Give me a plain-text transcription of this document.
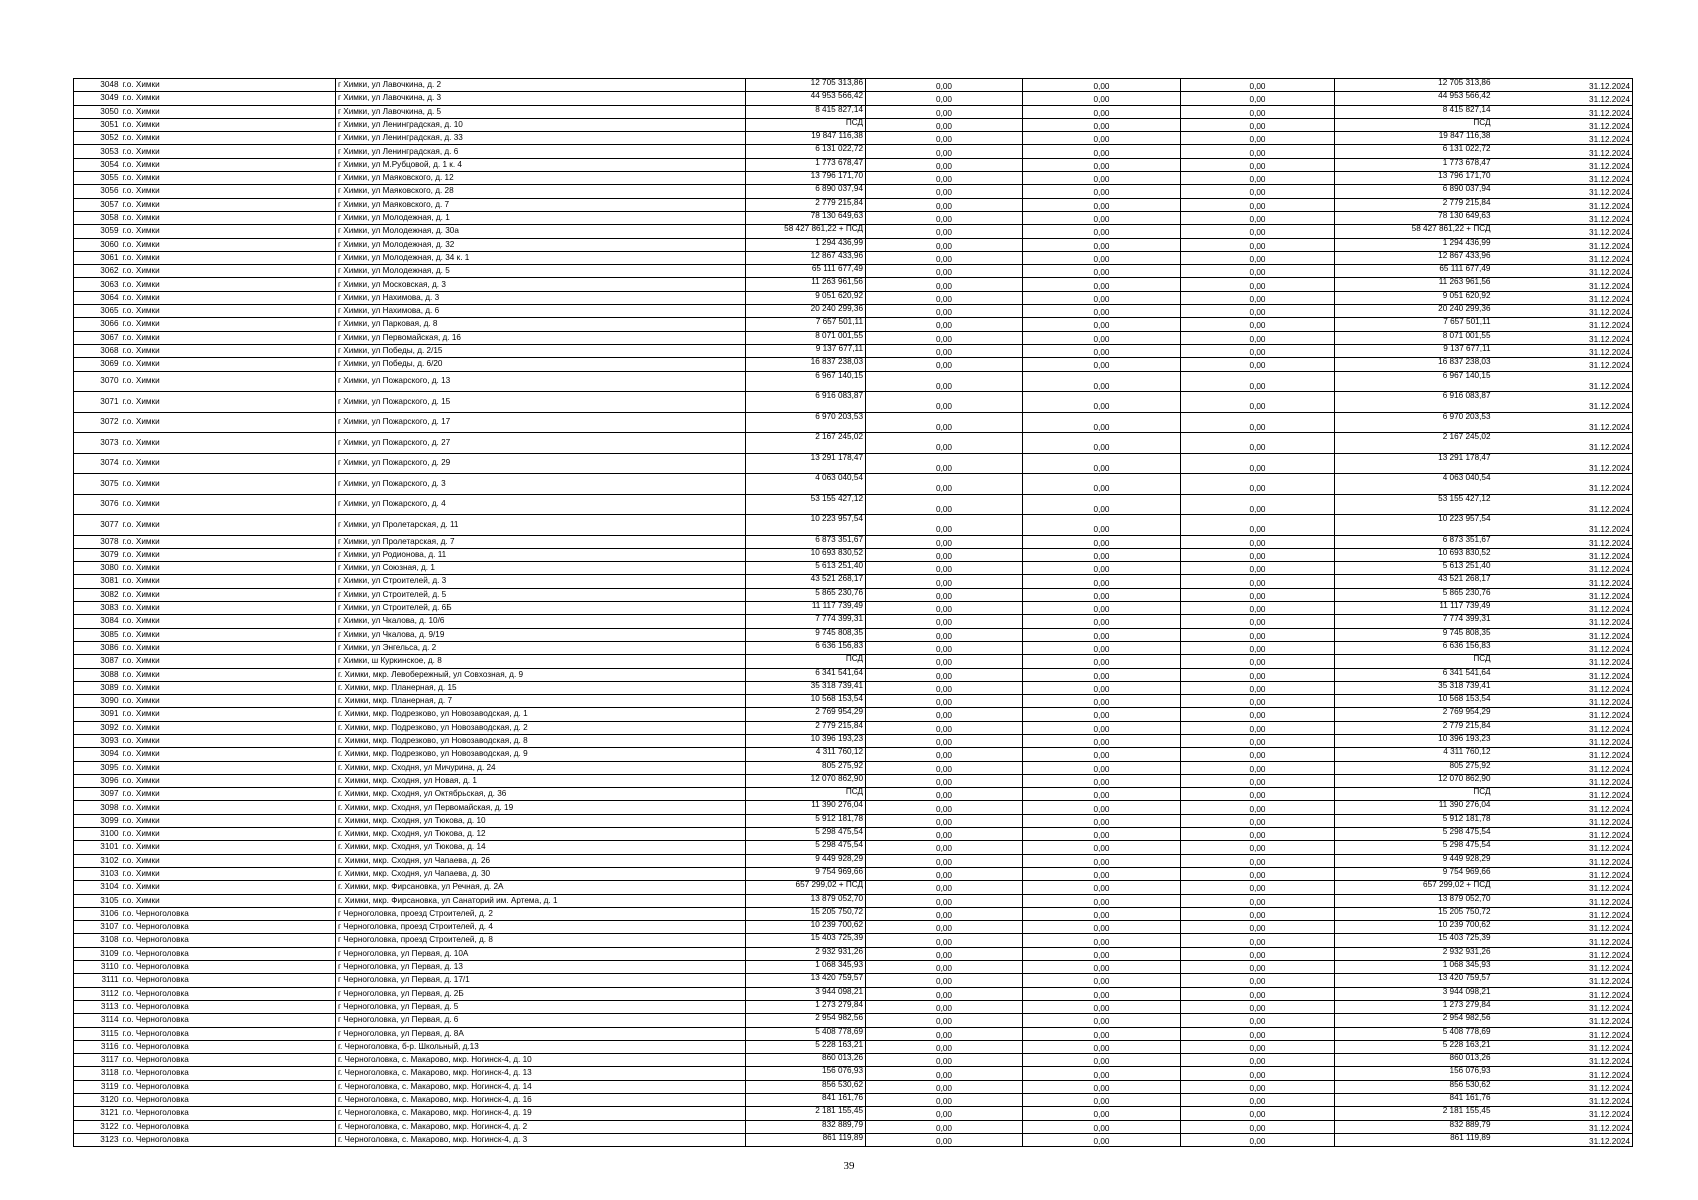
3048	г.о. Химки	г Химки, ул Лавочкина, д. 2	12 705 313,86	0,00	0,00	0,00	12 705 313,86	31.12.2024
3049	г.о. Химки	г Химки, ул Лавочкина, д. 3	44 953 566,42	0,00	0,00	0,00	44 953 566,42	31.12.2024
3050	г.о. Химки	г Химки, ул Лавочкина, д. 5	8 415 827,14	0,00	0,00	0,00	8 415 827,14	31.12.2024
3051	г.о. Химки	г Химки, ул Ленинградская, д. 10	ПСД	0,00	0,00	0,00	ПСД	31.12.2024
3052	г.о. Химки	г Химки, ул Ленинградская, д. 33	19 847 116,38	0,00	0,00	0,00	19 847 116,38	31.12.2024
3053	г.о. Химки	г Химки, ул Ленинградская, д. 6	6 131 022,72	0,00	0,00	0,00	6 131 022,72	31.12.2024
3054	г.о. Химки	г Химки, ул М.Рубцовой, д. 1 к. 4	1 773 678,47	0,00	0,00	0,00	1 773 678,47	31.12.2024
3055	г.о. Химки	г Химки, ул Маяковского, д. 12	13 796 171,70	0,00	0,00	0,00	13 796 171,70	31.12.2024
3056	г.о. Химки	г Химки, ул Маяковского, д. 28	6 890 037,94	0,00	0,00	0,00	6 890 037,94	31.12.2024
3057	г.о. Химки	г Химки, ул Маяковского, д. 7	2 779 215,84	0,00	0,00	0,00	2 779 215,84	31.12.2024
3058	г.о. Химки	г Химки, ул Молодежная, д. 1	78 130 649,63	0,00	0,00	0,00	78 130 649,63	31.12.2024
3059	г.о. Химки	г Химки, ул Молодежная, д. 30а	58 427 861,22 + ПСД	0,00	0,00	0,00	58 427 861,22 + ПСД	31.12.2024
3060	г.о. Химки	г Химки, ул Молодежная, д. 32	1 294 436,99	0,00	0,00	0,00	1 294 436,99	31.12.2024
3061	г.о. Химки	г Химки, ул Молодежная, д. 34 к. 1	12 867 433,96	0,00	0,00	0,00	12 867 433,96	31.12.2024
3062	г.о. Химки	г Химки, ул Молодежная, д. 5	65 111 677,49	0,00	0,00	0,00	65 111 677,49	31.12.2024
3063	г.о. Химки	г Химки, ул Московская, д. 3	11 263 961,56	0,00	0,00	0,00	11 263 961,56	31.12.2024
3064	г.о. Химки	г Химки, ул Нахимова, д. 3	9 051 620,92	0,00	0,00	0,00	9 051 620,92	31.12.2024
3065	г.о. Химки	г Химки, ул Нахимова, д. 6	20 240 299,36	0,00	0,00	0,00	20 240 299,36	31.12.2024
3066	г.о. Химки	г Химки, ул Парковая, д. 8	7 657 501,11	0,00	0,00	0,00	7 657 501,11	31.12.2024
3067	г.о. Химки	г Химки, ул Первомайская, д. 16	8 071 001,55	0,00	0,00	0,00	8 071 001,55	31.12.2024
3068	г.о. Химки	г Химки, ул Победы, д. 2/15	9 137 677,11	0,00	0,00	0,00	9 137 677,11	31.12.2024
3069	г.о. Химки	г Химки, ул Победы, д. 6/20	16 837 238,03	0,00	0,00	0,00	16 837 238,03	31.12.2024
3070	г.о. Химки	г Химки, ул Пожарского, д. 13	6 967 140,15	0,00	0,00	0,00	6 967 140,15	31.12.2024
3071	г.о. Химки	г Химки, ул Пожарского, д. 15	6 916 083,87	0,00	0,00	0,00	6 916 083,87	31.12.2024
3072	г.о. Химки	г Химки, ул Пожарского, д. 17	6 970 203,53	0,00	0,00	0,00	6 970 203,53	31.12.2024
3073	г.о. Химки	г Химки, ул Пожарского, д. 27	2 167 245,02	0,00	0,00	0,00	2 167 245,02	31.12.2024
3074	г.о. Химки	г Химки, ул Пожарского, д. 29	13 291 178,47	0,00	0,00	0,00	13 291 178,47	31.12.2024
3075	г.о. Химки	г Химки, ул Пожарского, д. 3	4 063 040,54	0,00	0,00	0,00	4 063 040,54	31.12.2024
3076	г.о. Химки	г Химки, ул Пожарского, д. 4	53 155 427,12	0,00	0,00	0,00	53 155 427,12	31.12.2024
3077	г.о. Химки	г Химки, ул Пролетарская, д. 11	10 223 957,54	0,00	0,00	0,00	10 223 957,54	31.12.2024
3078	г.о. Химки	г Химки, ул Пролетарская, д. 7	6 873 351,67	0,00	0,00	0,00	6 873 351,67	31.12.2024
3079	г.о. Химки	г Химки, ул Родионова, д. 11	10 693 830,52	0,00	0,00	0,00	10 693 830,52	31.12.2024
3080	г.о. Химки	г Химки, ул Союзная, д. 1	5 613 251,40	0,00	0,00	0,00	5 613 251,40	31.12.2024
3081	г.о. Химки	г Химки, ул Строителей, д. 3	43 521 268,17	0,00	0,00	0,00	43 521 268,17	31.12.2024
3082	г.о. Химки	г Химки, ул Строителей, д. 5	5 865 230,76	0,00	0,00	0,00	5 865 230,76	31.12.2024
3083	г.о. Химки	г Химки, ул Строителей, д. 6Б	11 117 739,49	0,00	0,00	0,00	11 117 739,49	31.12.2024
3084	г.о. Химки	г Химки, ул Чкалова, д. 10/6	7 774 399,31	0,00	0,00	0,00	7 774 399,31	31.12.2024
3085	г.о. Химки	г Химки, ул Чкалова, д. 9/19	9 745 808,35	0,00	0,00	0,00	9 745 808,35	31.12.2024
3086	г.о. Химки	г Химки, ул Энгельса, д. 2	6 636 156,83	0,00	0,00	0,00	6 636 156,83	31.12.2024
3087	г.о. Химки	г Химки, ш Куркинское, д. 8	ПСД	0,00	0,00	0,00	ПСД	31.12.2024
3088	г.о. Химки	г. Химки, мкр. Левобережный, ул Совхозная, д. 9	6 341 541,64	0,00	0,00	0,00	6 341 541,64	31.12.2024
3089	г.о. Химки	г. Химки, мкр. Планерная, д. 15	35 318 739,41	0,00	0,00	0,00	35 318 739,41	31.12.2024
3090	г.о. Химки	г. Химки, мкр. Планерная, д. 7	10 568 153,54	0,00	0,00	0,00	10 568 153,54	31.12.2024
3091	г.о. Химки	г. Химки, мкр. Подрезково, ул Новозаводская, д. 1	2 769 954,29	0,00	0,00	0,00	2 769 954,29	31.12.2024
3092	г.о. Химки	г. Химки, мкр. Подрезково, ул Новозаводская, д. 2	2 779 215,84	0,00	0,00	0,00	2 779 215,84	31.12.2024
3093	г.о. Химки	г. Химки, мкр. Подрезково, ул Новозаводская, д. 8	10 396 193,23	0,00	0,00	0,00	10 396 193,23	31.12.2024
3094	г.о. Химки	г. Химки, мкр. Подрезково, ул Новозаводская, д. 9	4 311 760,12	0,00	0,00	0,00	4 311 760,12	31.12.2024
3095	г.о. Химки	г. Химки, мкр. Сходня, ул Мичурина, д. 24	805 275,92	0,00	0,00	0,00	805 275,92	31.12.2024
3096	г.о. Химки	г. Химки, мкр. Сходня, ул Новая, д. 1	12 070 862,90	0,00	0,00	0,00	12 070 862,90	31.12.2024
3097	г.о. Химки	г. Химки, мкр. Сходня, ул Октябрьская, д. 36	ПСД	0,00	0,00	0,00	ПСД	31.12.2024
3098	г.о. Химки	г. Химки, мкр. Сходня, ул Первомайская, д. 19	11 390 276,04	0,00	0,00	0,00	11 390 276,04	31.12.2024
3099	г.о. Химки	г. Химки, мкр. Сходня, ул Тюкова, д. 10	5 912 181,78	0,00	0,00	0,00	5 912 181,78	31.12.2024
3100	г.о. Химки	г. Химки, мкр. Сходня, ул Тюкова, д. 12	5 298 475,54	0,00	0,00	0,00	5 298 475,54	31.12.2024
3101	г.о. Химки	г. Химки, мкр. Сходня, ул Тюкова, д. 14	5 298 475,54	0,00	0,00	0,00	5 298 475,54	31.12.2024
3102	г.о. Химки	г. Химки, мкр. Сходня, ул Чапаева, д. 26	9 449 928,29	0,00	0,00	0,00	9 449 928,29	31.12.2024
3103	г.о. Химки	г. Химки, мкр. Сходня, ул Чапаева, д. 30	9 754 969,66	0,00	0,00	0,00	9 754 969,66	31.12.2024
3104	г.о. Химки	г. Химки, мкр. Фирсановка, ул Речная, д. 2А	657 299,02 + ПСД	0,00	0,00	0,00	657 299,02 + ПСД	31.12.2024
3105	г.о. Химки	г. Химки, мкр. Фирсановка, ул Санаторий им. Артема, д. 1	13 879 052,70	0,00	0,00	0,00	13 879 052,70	31.12.2024
3106	г.о. Черноголовка	г Черноголовка, проезд Строителей, д. 2	15 205 750,72	0,00	0,00	0,00	15 205 750,72	31.12.2024
3107	г.о. Черноголовка	г Черноголовка, проезд Строителей, д. 4	10 239 700,62	0,00	0,00	0,00	10 239 700,62	31.12.2024
3108	г.о. Черноголовка	г Черноголовка, проезд Строителей, д. 8	15 403 725,39	0,00	0,00	0,00	15 403 725,39	31.12.2024
3109	г.о. Черноголовка	г Черноголовка, ул Первая, д. 10А	2 932 931,26	0,00	0,00	0,00	2 932 931,26	31.12.2024
3110	г.о. Черноголовка	г Черноголовка, ул Первая, д. 13	1 068 345,93	0,00	0,00	0,00	1 068 345,93	31.12.2024
3111	г.о. Черноголовка	г Черноголовка, ул Первая, д. 17/1	13 420 759,57	0,00	0,00	0,00	13 420 759,57	31.12.2024
3112	г.о. Черноголовка	г Черноголовка, ул Первая, д. 2Б	3 944 098,21	0,00	0,00	0,00	3 944 098,21	31.12.2024
3113	г.о. Черноголовка	г Черноголовка, ул Первая, д. 5	1 273 279,84	0,00	0,00	0,00	1 273 279,84	31.12.2024
3114	г.о. Черноголовка	г Черноголовка, ул Первая, д. 6	2 954 982,56	0,00	0,00	0,00	2 954 982,56	31.12.2024
3115	г.о. Черноголовка	г Черноголовка, ул Первая, д. 8А	5 408 778,69	0,00	0,00	0,00	5 408 778,69	31.12.2024
3116	г.о. Черноголовка	г. Черноголовка, б-р. Школьный, д.13	5 228 163,21	0,00	0,00	0,00	5 228 163,21	31.12.2024
3117	г.о. Черноголовка	г. Черноголовка, с. Макарово, мкр. Ногинск-4, д. 10	860 013,26	0,00	0,00	0,00	860 013,26	31.12.2024
3118	г.о. Черноголовка	г. Черноголовка, с. Макарово, мкр. Ногинск-4, д. 13	156 076,93	0,00	0,00	0,00	156 076,93	31.12.2024
3119	г.о. Черноголовка	г. Черноголовка, с. Макарово, мкр. Ногинск-4, д. 14	856 530,62	0,00	0,00	0,00	856 530,62	31.12.2024
3120	г.о. Черноголовка	г. Черноголовка, с. Макарово, мкр. Ногинск-4, д. 16	841 161,76	0,00	0,00	0,00	841 161,76	31.12.2024
3121	г.о. Черноголовка	г. Черноголовка, с. Макарово, мкр. Ногинск-4, д. 19	2 181 155,45	0,00	0,00	0,00	2 181 155,45	31.12.2024
3122	г.о. Черноголовка	г. Черноголовка, с. Макарово, мкр. Ногинск-4, д. 2	832 889,79	0,00	0,00	0,00	832 889,79	31.12.2024
3123	г.о. Черноголовка	г. Черноголовка, с. Макарово, мкр. Ногинск-4, д. 3	861 119,89	0,00	0,00	0,00	861 119,89	31.12.2024
39
